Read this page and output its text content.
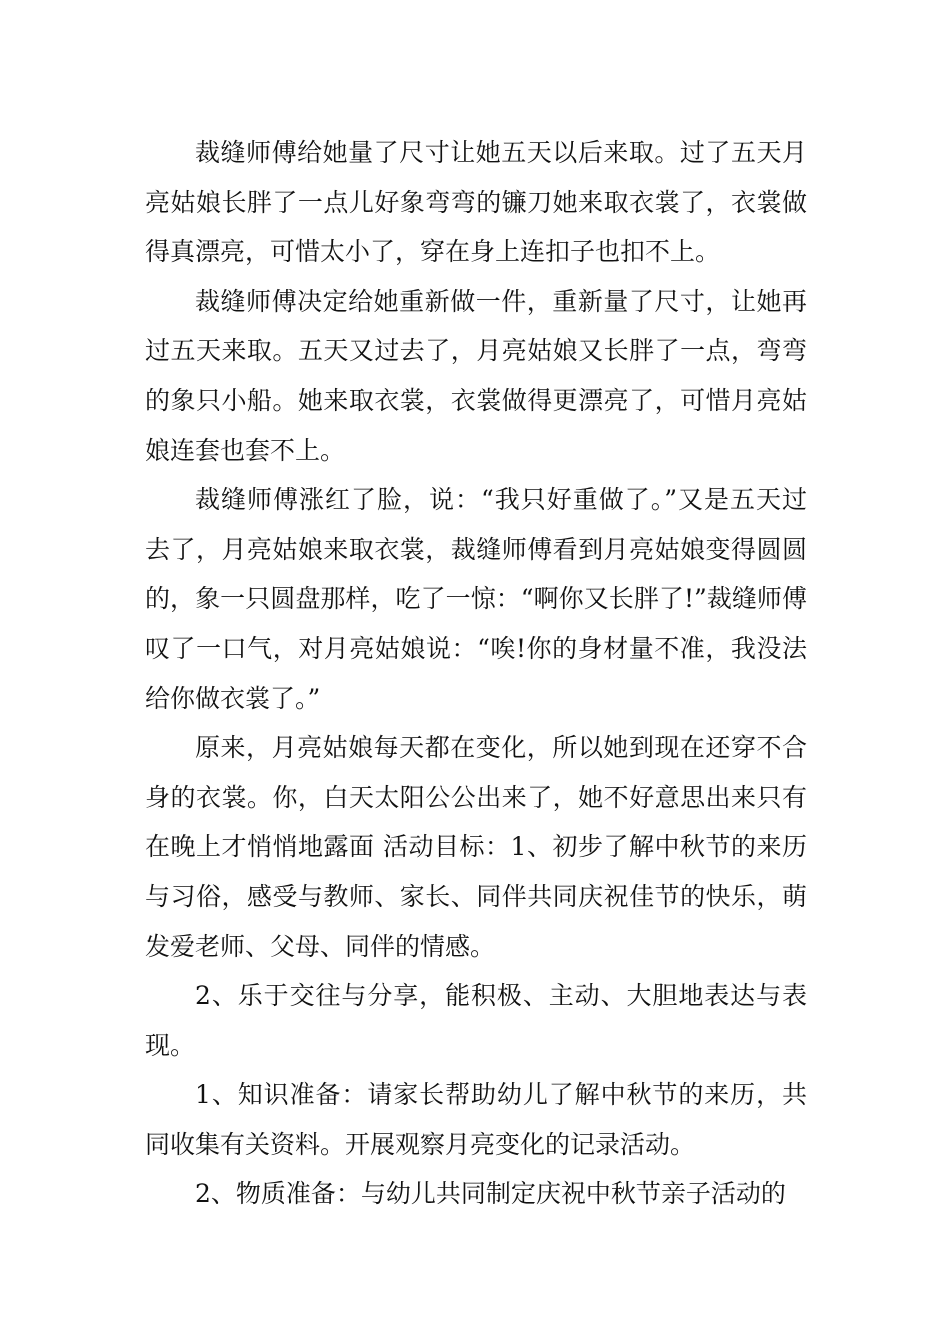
裁缝师傅给她量了尺寸让她五天以后来取。过了五天月亮姑娘长胖了一点儿好象弯弯的镰刀她来取衣裳了，衣裳做得真漂亮，可惜太小了，穿在身上连扣子也扣不上。

裁缝师傅决定给她重新做一件，重新量了尺寸，让她再过五天来取。五天又过去了，月亮姑娘又长胖了一点，弯弯的象只小船。她来取衣裳，衣裳做得更漂亮了，可惜月亮姑娘连套也套不上。

裁缝师傅涨红了脸，说：“我只好重做了。”又是五天过去了，月亮姑娘来取衣裳，裁缝师傅看到月亮姑娘变得圆圆的，象一只圆盘那样，吃了一惊：“啊你又长胖了!”裁缝师傅叹了一口气，对月亮姑娘说：“唉!你的身材量不准，我没法给你做衣裳了。”

原来，月亮姑娘每天都在变化，所以她到现在还穿不合身的衣裳。你，白天太阳公公出来了，她不好意思出来只有在晚上才悄悄地露面 活动目标：1、初步了解中秋节的来历与习俗，感受与教师、家长、同伴共同庆祝佳节的快乐，萌发爱老师、父母、同伴的情感。

2、乐于交往与分享，能积极、主动、大胆地表达与表现。

1、知识准备：请家长帮助幼儿了解中秋节的来历，共同收集有关资料。开展观察月亮变化的记录活动。

2、物质准备：与幼儿共同制定庆祝中秋节亲子活动的
